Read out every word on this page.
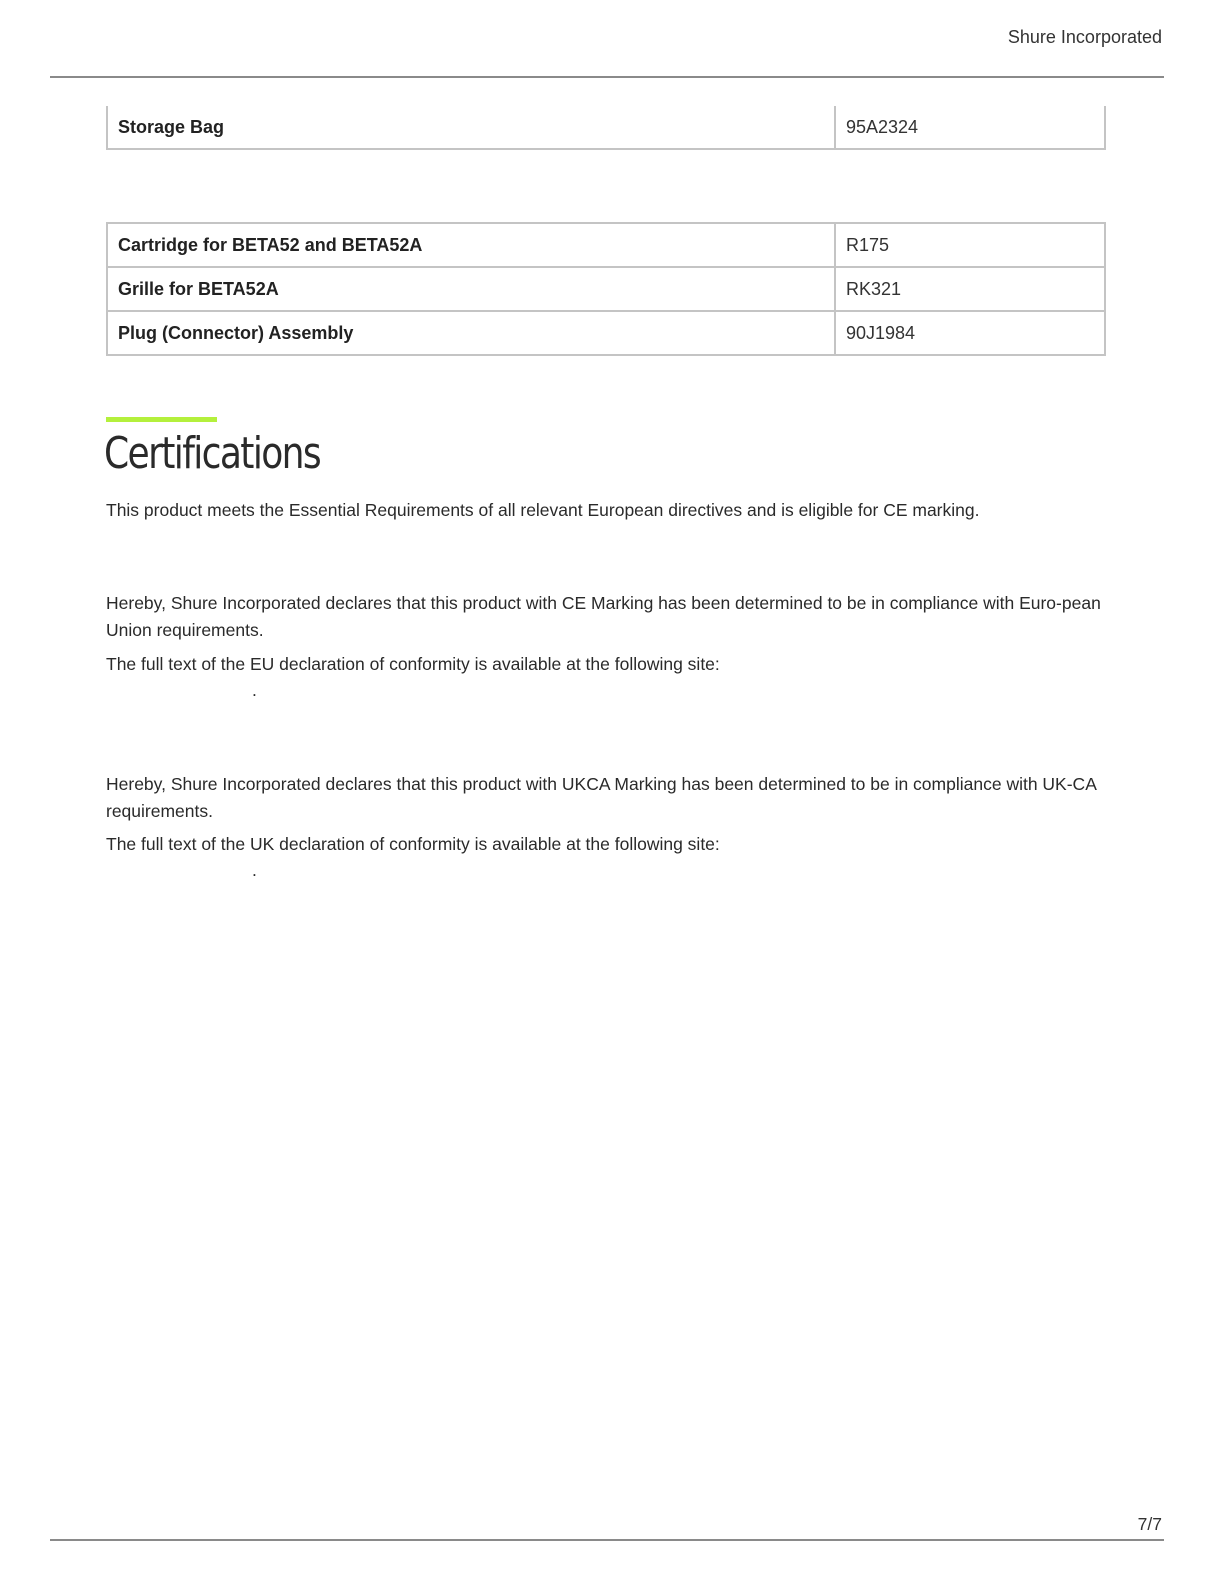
Shure Incorporated
Storage Bag	95A2324
Cartridge for BETA52 and BETA52A	R175
Grille for BETA52A	RK321
Plug (Connector) Assembly	90J1984
Certifications

This product meets the Essential Requirements of all relevant European directives and is eligible for CE marking.

Hereby, Shure Incorporated declares that this product with CE Marking has been determined to be in compliance with Euro-pean Union requirements.

The full text of the EU declaration of conformity is available at the following site:

.

Hereby, Shure Incorporated declares that this product with UKCA Marking has been determined to be in compliance with UK-CA requirements.

The full text of the UK declaration of conformity is available at the following site:

.
7/7
